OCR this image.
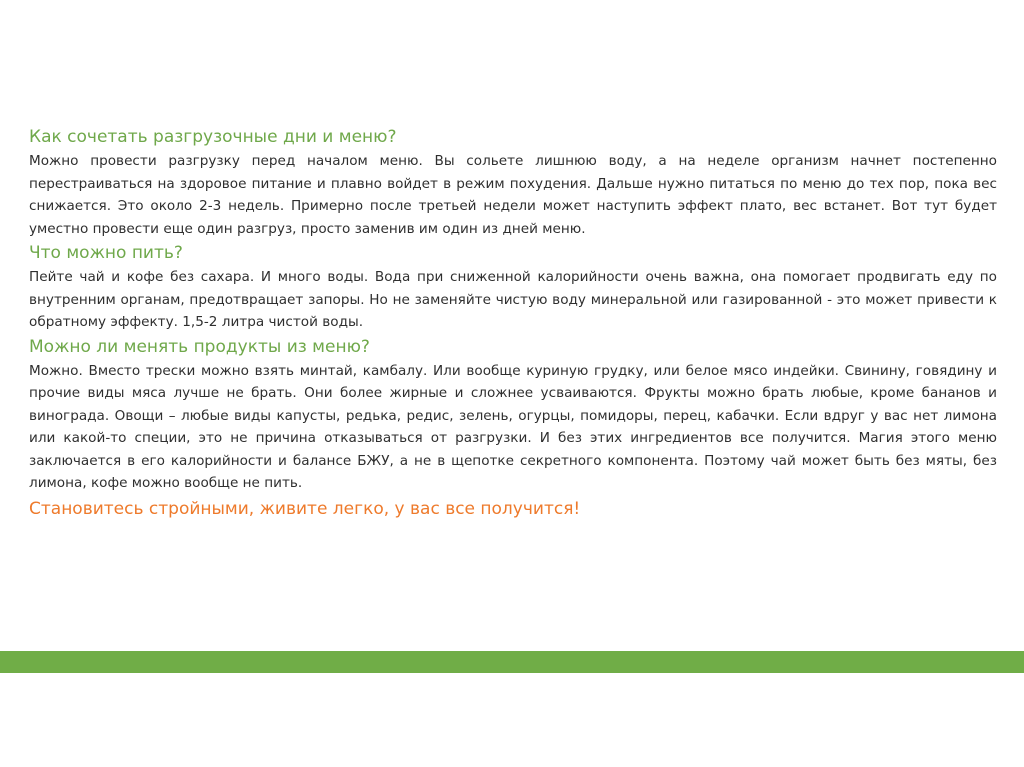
Как сочетать разгрузочные дни и меню?

Можно провести разгрузку перед началом меню. Вы сольете лишнюю воду, а на неделе организм начнет постепенно перестраиваться на здоровое питание и плавно войдет в режим похудения. Дальше нужно питаться по меню до тех пор, пока вес снижается. Это около 2-3 недель. Примерно после третьей недели может наступить эффект плато, вес встанет. Вот тут будет уместно провести еще один разгруз, просто заменив им один из дней меню.

Что можно пить?

Пейте чай и кофе без сахара. И много воды. Вода при сниженной калорийности очень важна, она помогает продвигать еду по внутренним органам, предотвращает запоры. Но не заменяйте чистую воду минеральной или газированной - это может привести к обратному эффекту. 1,5-2 литра чистой воды.

Можно ли менять продукты из меню?

Можно. Вместо трески можно взять минтай, камбалу. Или вообще куриную грудку, или белое мясо индейки. Свинину, говядину и прочие виды мяса лучше не брать. Они более жирные и сложнее усваиваются. Фрукты можно брать любые, кроме бананов и винограда. Овощи – любые виды капусты, редька, редис, зелень, огурцы, помидоры, перец, кабачки. Если вдруг у вас нет лимона или какой-то специи, это не причина отказываться от разгрузки. И без этих ингредиентов все получится. Магия этого меню заключается в его калорийности и балансе БЖУ, а не в щепотке секретного компонента. Поэтому чай может быть без мяты, без лимона, кофе можно вообще не пить.

Становитесь стройными, живите легко, у вас все получится!
